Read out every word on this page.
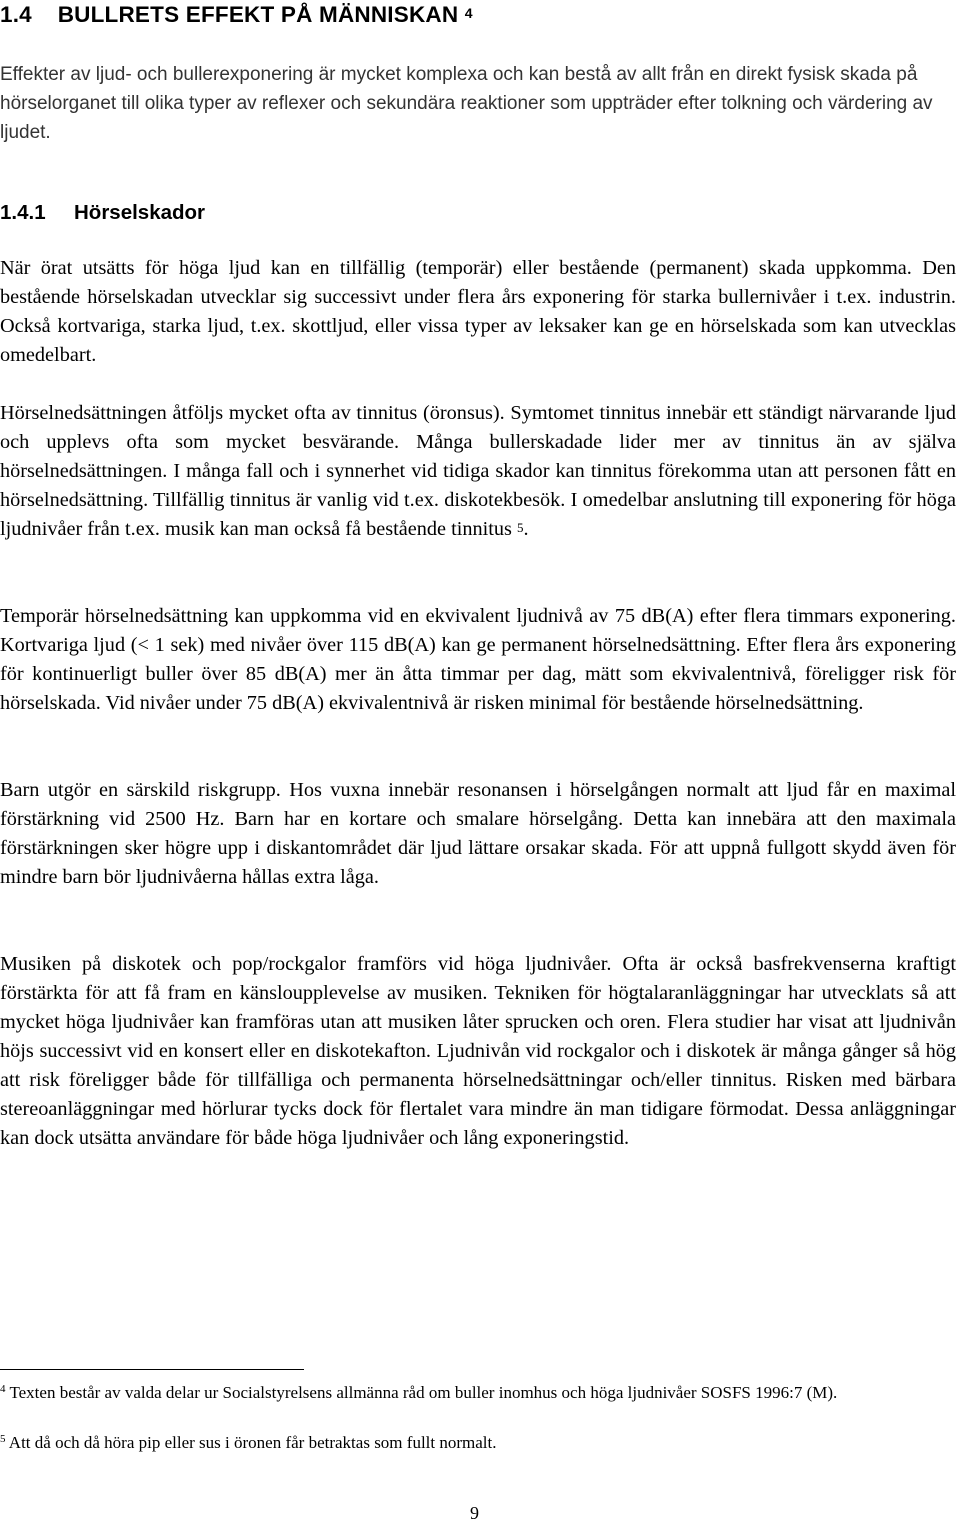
1.4 BULLRETS EFFEKT PÅ MÄNNISKAN $^4$

Effekter av ljud- och bullerexponering är mycket komplexa och kan bestå av allt från en direkt fysisk skada på hörselorganet till olika typer av reflexer och sekundära reaktioner som uppträder efter tolkning och värdering av ljudet.

1.4.1 Hörselskador

När örat utsätts för höga ljud kan en tillfällig (temporär) eller bestående (permanent) skada uppkomma. Den bestående hörselskadan utvecklar sig successivt under flera års exponering för starka bullernivåer i t.ex. industrin. Också kortvariga, starka ljud, t.ex. skottljud, eller vissa typer av leksaker kan ge en hörselskada som kan utvecklas omedelbart.

Hörselnedsättningen åtföljs mycket ofta av tinnitus (öronsus). Symtomet tinnitus innebär ett ständigt närvarande ljud och upplevs ofta som mycket besvärande. Många bullerskadade lider mer av tinnitus än av själva hörselnedsättningen. I många fall och i synnerhet vid tidiga skador kan tinnitus förekomma utan att personen fått en hörselnedsättning. Tillfällig tinnitus är vanlig vid t.ex. diskotekbesök. I omedelbar anslutning till exponering för höga ljudnivåer från t.ex. musik kan man också få bestående tinnitus $^5$.

Temporär hörselnedsättning kan uppkomma vid en ekvivalent ljudnivå av 75 dB(A) efter flera timmars exponering. Kortvariga ljud (< 1 sek) med nivåer över 115 dB(A) kan ge permanent hörselnedsättning. Efter flera års exponering för kontinuerligt buller över 85 dB(A) mer än åtta timmar per dag, mätt som ekvivalentnivå, föreligger risk för hörselskada. Vid nivåer under 75 dB(A) ekvivalentnivå är risken minimal för bestående hörselnedsättning.

Barn utgör en särskild riskgrupp. Hos vuxna innebär resonansen i hörselgången normalt att ljud får en maximal förstärkning vid 2500 Hz. Barn har en kortare och smalare hörselgång. Detta kan innebära att den maximala förstärkningen sker högre upp i diskantområdet där ljud lättare orsakar skada. För att uppnå fullgott skydd även för mindre barn bör ljudnivåerna hållas extra låga.

Musiken på diskotek och pop/rockgalor framförs vid höga ljudnivåer. Ofta är också basfrekvenserna kraftigt förstärkta för att få fram en känsloupplevelse av musiken. Tekniken för högtalaranläggningar har utvecklats så att mycket höga ljudnivåer kan framföras utan att musiken låter sprucken och oren. Flera studier har visat att ljudnivån höjs successivt vid en konsert eller en diskotekafton. Ljudnivån vid rockgalor och i diskotek är många gånger så hög att risk föreligger både för tillfälliga och permanenta hörselnedsättningar och/eller tinnitus. Risken med bärbara stereoanläggningar med hörlurar tycks dock för flertalet vara mindre än man tidigare förmodat. Dessa anläggningar kan dock utsätta användare för både höga ljudnivåer och lång exponeringstid.

$^4$ Texten består av valda delar ur Socialstyrelsens allmänna råd om buller inomhus och höga ljudnivåer SOSFS 1996:7 (M).

$^5$ Att då och då höra pip eller sus i öronen får betraktas som fullt normalt.

9
